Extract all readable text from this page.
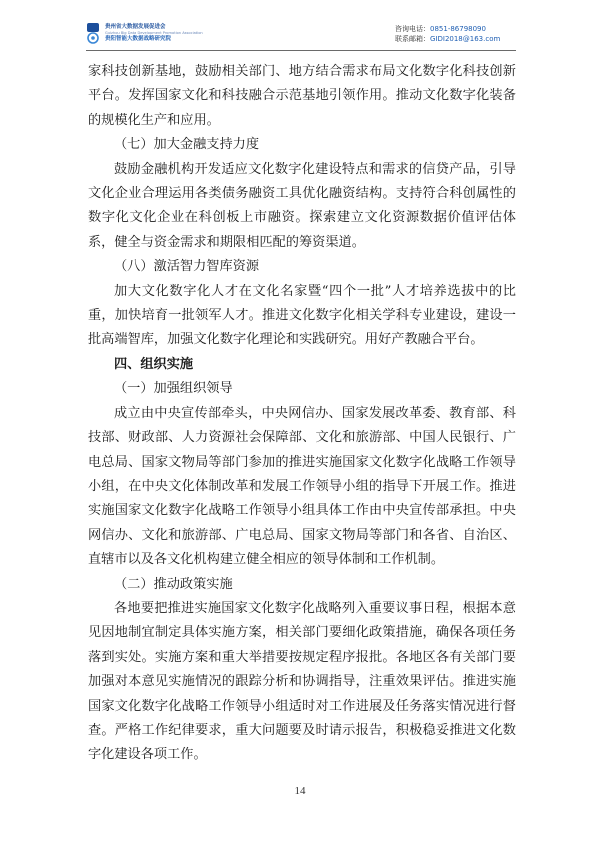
贵州省大数据发展促进会
Guizhou Big Data Development Promotion Association
贵阳智能大数据战略研究院
咨询电话：0851-86798090
联系邮箱：GIDI2018@163.com

家科技创新基地，鼓励相关部门、地方结合需求布局文化数字化科技创新平台。发挥国家文化和科技融合示范基地引领作用。推动文化数字化装备的规模化生产和应用。

（七）加大金融支持力度

鼓励金融机构开发适应文化数字化建设特点和需求的信贷产品，引导文化企业合理运用各类债务融资工具优化融资结构。支持符合科创属性的数字化文化企业在科创板上市融资。探索建立文化资源数据价值评估体系，健全与资金需求和期限相匹配的筹资渠道。

（八）激活智力智库资源

加大文化数字化人才在文化名家暨“四个一批”人才培养选拔中的比重，加快培育一批领军人才。推进文化数字化相关学科专业建设，建设一批高端智库，加强文化数字化理论和实践研究。用好产教融合平台。

四、组织实施

（一）加强组织领导

成立由中央宣传部牵头，中央网信办、国家发展改革委、教育部、科技部、财政部、人力资源社会保障部、文化和旅游部、中国人民银行、广电总局、国家文物局等部门参加的推进实施国家文化数字化战略工作领导小组，在中央文化体制改革和发展工作领导小组的指导下开展工作。推进实施国家文化数字化战略工作领导小组具体工作由中央宣传部承担。中央网信办、文化和旅游部、广电总局、国家文物局等部门和各省、自治区、直辖市以及各文化机构建立健全相应的领导体制和工作机制。

（二）推动政策实施

各地要把推进实施国家文化数字化战略列入重要议事日程，根据本意见因地制宜制定具体实施方案，相关部门要细化政策措施，确保各项任务落到实处。实施方案和重大举措要按规定程序报批。各地区各有关部门要加强对本意见实施情况的跟踪分析和协调指导，注重效果评估。推进实施国家文化数字化战略工作领导小组适时对工作进展及任务落实情况进行督查。严格工作纪律要求，重大问题要及时请示报告，积极稳妥推进文化数字化建设各项工作。

14
